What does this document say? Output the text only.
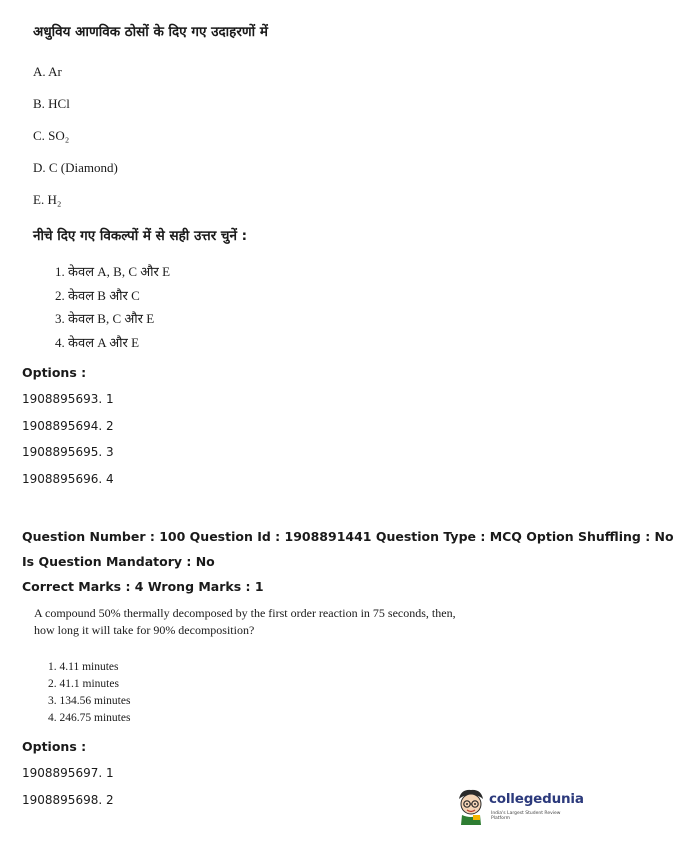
अधुविय आणविक ठोसों के दिए गए उदाहरणों में

A. Ar
B. HCl
C. SO₂
D. C (Diamond)
E. H₂
नीचे दिए गए विकल्पों में से सही उत्तर चुनें :
1. केवल A, B, C और E
2. केवल B और C
3. केवल B, C और E
4. केवल A और E
Options :
1908895693. 1
1908895694. 2
1908895695. 3
1908895696. 4
Question Number : 100 Question Id : 1908891441 Question Type : MCQ Option Shuffling : No
Is Question Mandatory : No
Correct Marks : 4 Wrong Marks : 1

A compound 50% thermally decomposed by the first order reaction in 75 seconds, then, how long it will take for 90% decomposition?

1. 4.11 minutes
2. 41.1 minutes
3. 134.56 minutes
4. 246.75 minutes
Options :
1908895697. 1
1908895698. 2	collegedunia
India's Largest Student Review Platform
